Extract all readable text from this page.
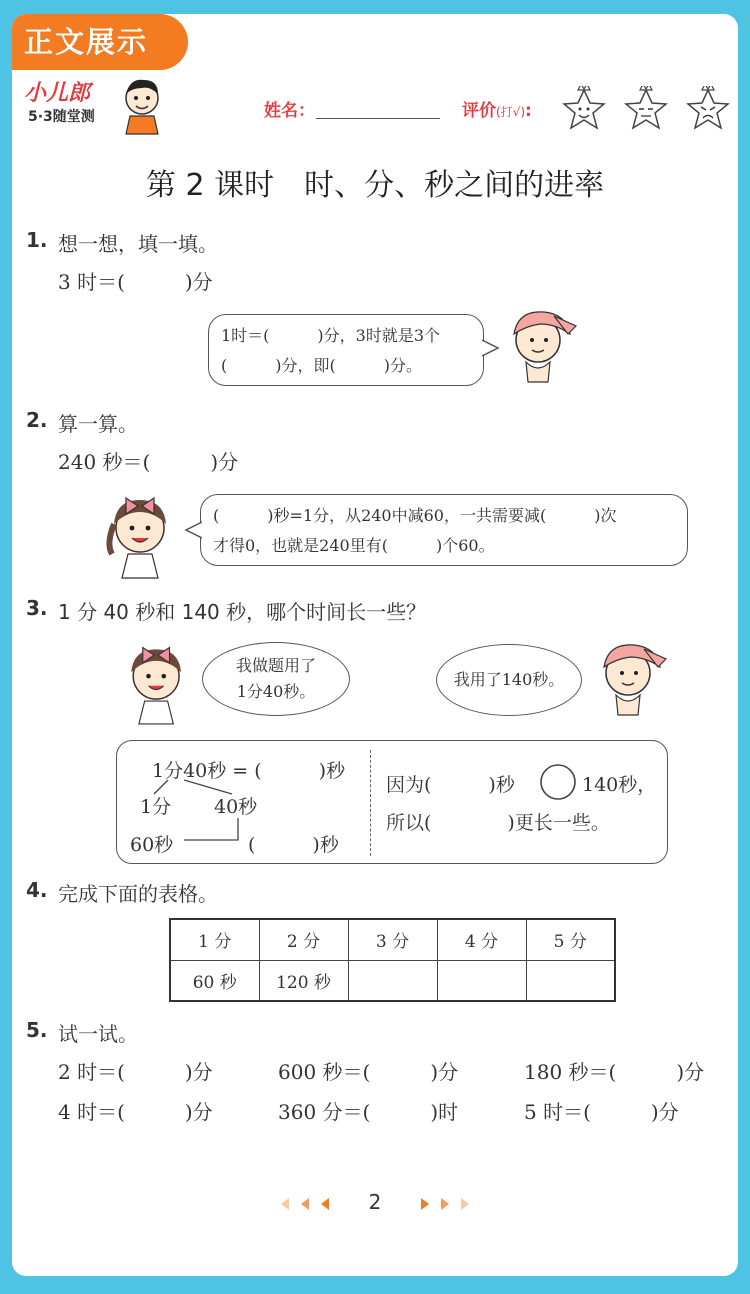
正文展示
小儿郎
5·3随堂测	姓名：	评价(打√):
第 2 课时　时、分、秒之间的进率
1. 想一想，填一填。
3 时＝(　　　)分
1时＝(　　　)分，3时就是3个
(　　　)分，即(　　　)分。
2. 算一算。
240 秒＝(　　　)分
(　　　)秒=1分，从240中减60，一共需要减(　　　)次
才得0，也就是240里有(　　　)个60。
3. 1 分 40 秒和 140 秒，哪个时间长一些？
我做题用了
1分40秒。
我用了140秒。
1分40秒 = (　　　)秒
1分 40秒
60秒	(　　　)秒
因为(　　　)秒	140秒，
所以(　　　　)更长一些。
4. 完成下面的表格。
1 分	2 分	3 分	4 分	5 分
60 秒	120 秒			
5. 试一试。
2 时＝(　　　)分	600 秒＝(　　　)分	180 秒＝(　　　)分
4 时＝(　　　)分	360 分＝(　　　)时	5 时＝(　　　)分
2
